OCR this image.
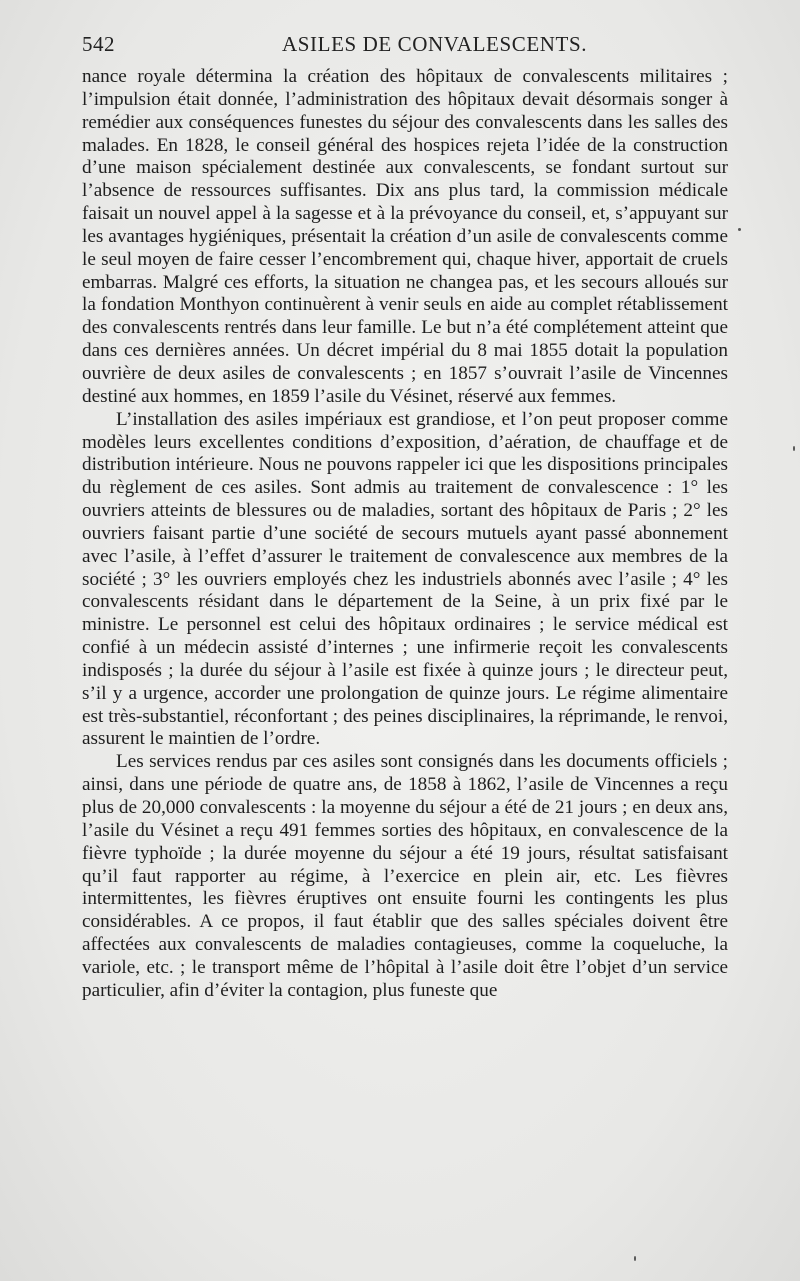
542	ASILES DE CONVALESCENTS.

nance royale détermina la création des hôpitaux de convalescents militaires ; l’impulsion était donnée, l’administration des hôpitaux devait désormais songer à remédier aux conséquences funestes du séjour des convalescents dans les salles des malades. En 1828, le conseil général des hospices rejeta l’idée de la construction d’une maison spécialement destinée aux convalescents, se fondant surtout sur l’absence de ressources suffisantes. Dix ans plus tard, la commission médicale faisait un nouvel appel à la sagesse et à la prévoyance du conseil, et, s’appuyant sur les avantages hygiéniques, présentait la création d’un asile de convalescents comme le seul moyen de faire cesser l’encombrement qui, chaque hiver, apportait de cruels embarras. Malgré ces efforts, la situation ne changea pas, et les secours alloués sur la fondation Monthyon continuèrent à venir seuls en aide au complet rétablissement des convalescents rentrés dans leur famille. Le but n’a été complétement atteint que dans ces dernières années. Un décret impérial du 8 mai 1855 dotait la population ouvrière de deux asiles de convalescents ; en 1857 s’ouvrait l’asile de Vincennes destiné aux hommes, en 1859 l’asile du Vésinet, réservé aux femmes.

L’installation des asiles impériaux est grandiose, et l’on peut proposer comme modèles leurs excellentes conditions d’exposition, d’aération, de chauffage et de distribution intérieure. Nous ne pouvons rappeler ici que les dispositions principales du règlement de ces asiles. Sont admis au traitement de convalescence : 1° les ouvriers atteints de blessures ou de maladies, sortant des hôpitaux de Paris ; 2° les ouvriers faisant partie d’une société de secours mutuels ayant passé abonnement avec l’asile, à l’effet d’assurer le traitement de convalescence aux membres de la société ; 3° les ouvriers employés chez les industriels abonnés avec l’asile ; 4° les convalescents résidant dans le département de la Seine, à un prix fixé par le ministre. Le personnel est celui des hôpitaux ordinaires ; le service médical est confié à un médecin assisté d’internes ; une infirmerie reçoit les convalescents indisposés ; la durée du séjour à l’asile est fixée à quinze jours ; le directeur peut, s’il y a urgence, accorder une prolongation de quinze jours. Le régime alimentaire est très-substantiel, réconfortant ; des peines disciplinaires, la réprimande, le renvoi, assurent le maintien de l’ordre.

Les services rendus par ces asiles sont consignés dans les documents officiels ; ainsi, dans une période de quatre ans, de 1858 à 1862, l’asile de Vincennes a reçu plus de 20,000 convalescents : la moyenne du séjour a été de 21 jours ; en deux ans, l’asile du Vésinet a reçu 491 femmes sorties des hôpitaux, en convalescence de la fièvre typhoïde ; la durée moyenne du séjour a été 19 jours, résultat satisfaisant qu’il faut rapporter au régime, à l’exercice en plein air, etc. Les fièvres intermittentes, les fièvres éruptives ont ensuite fourni les contingents les plus considérables. A ce propos, il faut établir que des salles spéciales doivent être affectées aux convalescents de maladies contagieuses, comme la coqueluche, la variole, etc. ; le transport même de l’hôpital à l’asile doit être l’objet d’un service particulier, afin d’éviter la contagion, plus funeste que
